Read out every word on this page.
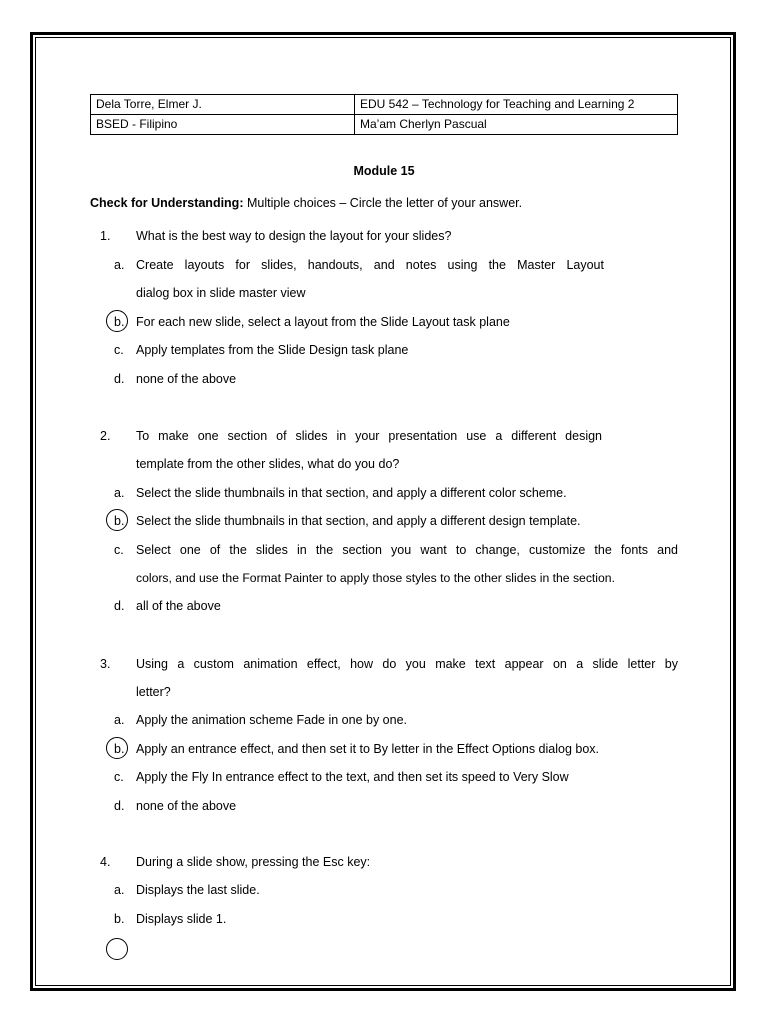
Dela Torre, Elmer J.	EDU 542 – Technology for Teaching and Learning 2
BSED - Filipino	Ma’am Cherlyn Pascual
Module 15
Check for Understanding: Multiple choices – Circle the letter of your answer.
1. What is the best way to design the layout for your slides?
a. Create layouts for slides, handouts, and notes using the Master Layout
dialog box in slide master view
b. For each new slide, select a layout from the Slide Layout task plane
c. Apply templates from the Slide Design task plane
d. none of the above
2. To make one section of slides in your presentation use a different design
template from the other slides, what do you do?
a. Select the slide thumbnails in that section, and apply a different color scheme.
b. Select the slide thumbnails in that section, and apply a different design template.
c. Select one of the slides in the section you want to change, customize the fonts and
colors, and use the Format Painter to apply those styles to the other slides in the section.
d. all of the above
3. Using a custom animation effect, how do you make text appear on a slide letter by
letter?
a. Apply the animation scheme Fade in one by one.
b. Apply an entrance effect, and then set it to By letter in the Effect Options dialog box.
c. Apply the Fly In entrance effect to the text, and then set its speed to Very Slow
d. none of the above
4. During a slide show, pressing the Esc key:
a. Displays the last slide.
b. Displays slide 1.
